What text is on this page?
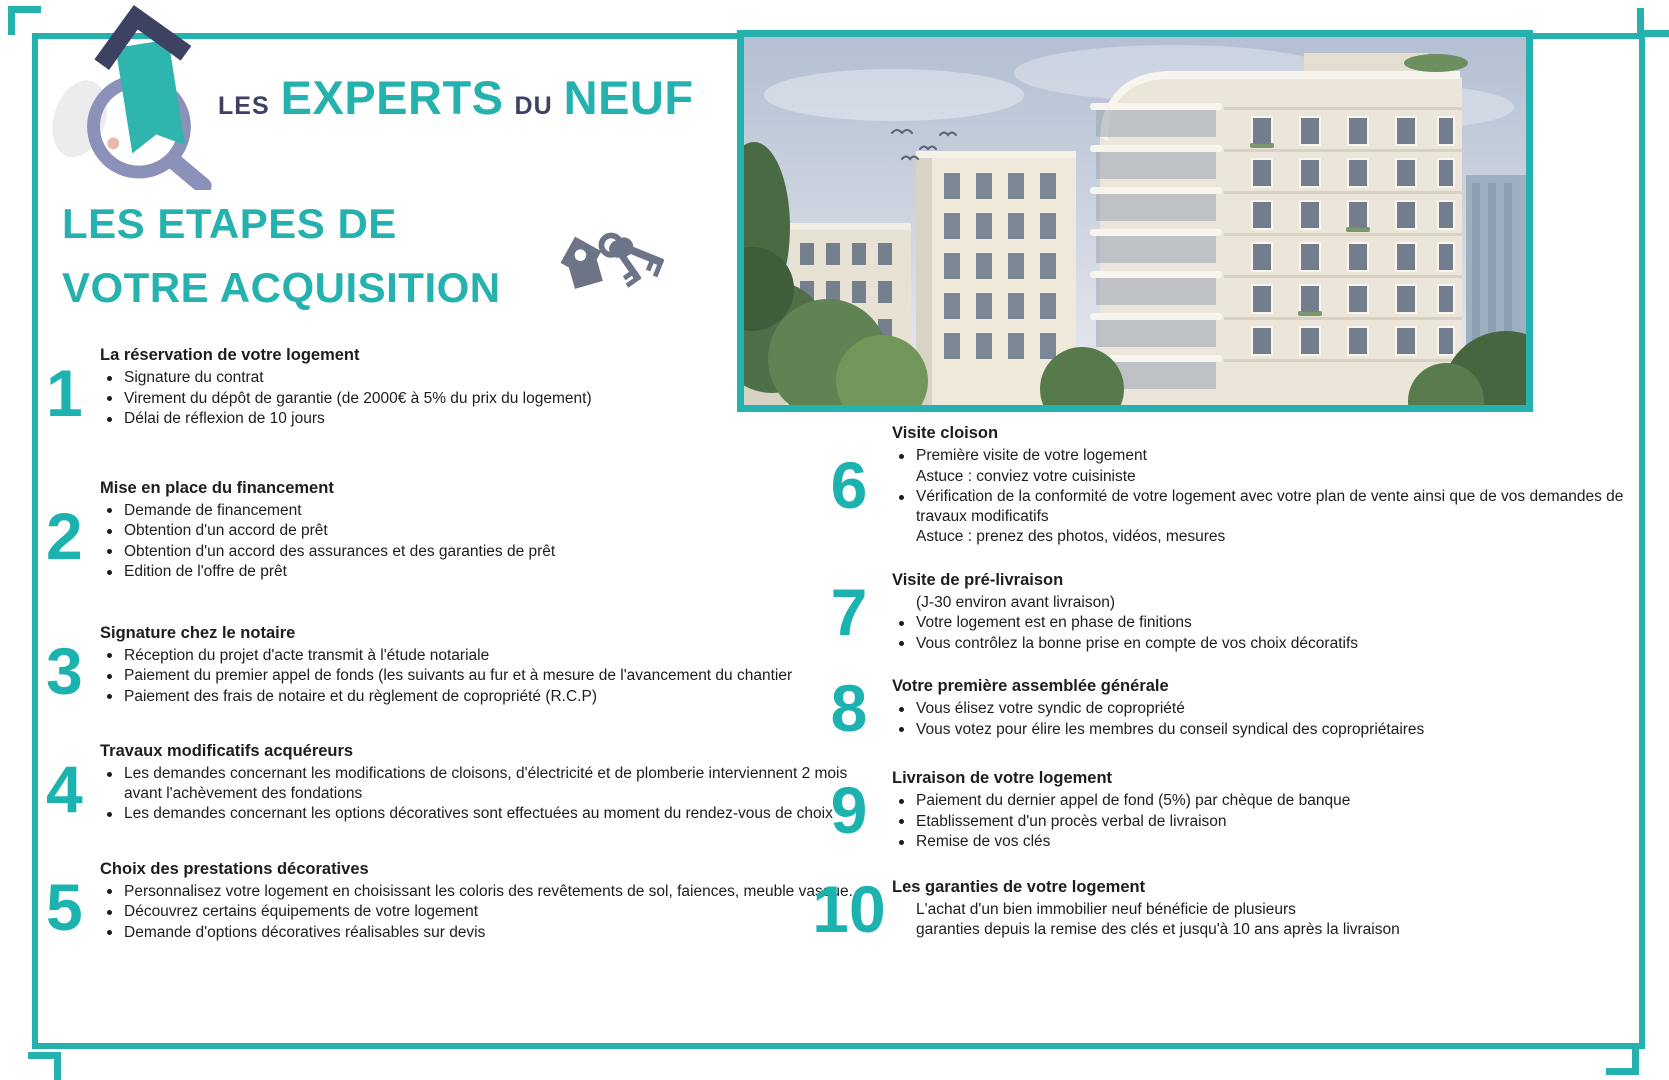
LES EXPERTS DU NEUF
LES ETAPES DE
VOTRE ACQUISITION
1
La réservation de votre logement
Signature du contrat
Virement du dépôt de garantie (de 2000€ à 5% du prix du logement)
Délai de réflexion de 10 jours
2
Mise en place du financement
Demande de financement
Obtention d'un accord de prêt
Obtention d'un accord des assurances et des garanties de prêt
Edition de l'offre de prêt
3
Signature chez le notaire
Réception du projet d'acte transmit à l'étude notariale
Paiement du premier appel de fonds (les suivants au fur et à mesure de l'avancement du chantier
Paiement des frais de notaire et du règlement de copropriété (R.C.P)
4
Travaux modificatifs acquéreurs
Les demandes concernant les modifications de cloisons, d'électricité et de plomberie interviennent 2 mois avant l'achèvement des fondations
Les demandes concernant les options décoratives sont effectuées au moment du rendez-vous de choix
5
Choix des prestations décoratives
Personnalisez votre logement en choisissant les coloris des revêtements de sol, faiences, meuble vasque...
Découvrez certains équipements de votre logement
Demande d'options décoratives réalisables sur devis
6
Visite cloison
Première visite de votre logement
Astuce : conviez votre cuisiniste
Vérification de la conformité de votre logement avec votre plan de vente ainsi que de vos demandes de travaux modificatifs
Astuce : prenez des photos, vidéos, mesures
7	Visite de pré-livraison
(J-30 environ avant livraison)
Votre logement est en phase de finitions
Vous contrôlez la bonne prise en compte de vos choix décoratifs
8	Votre première assemblée générale
Vous élisez votre syndic de copropriété
Vous votez pour élire les membres du conseil syndical des copropriétaires
9	Livraison de votre logement
Paiement du dernier appel de fond (5%) par chèque de banque
Etablissement d'un procès verbal de livraison
Remise de vos clés
10 Les garanties de votre logement
L'achat d'un bien immobilier neuf bénéficie de plusieurs
garanties depuis la remise des clés et jusqu'à 10 ans après la livraison
